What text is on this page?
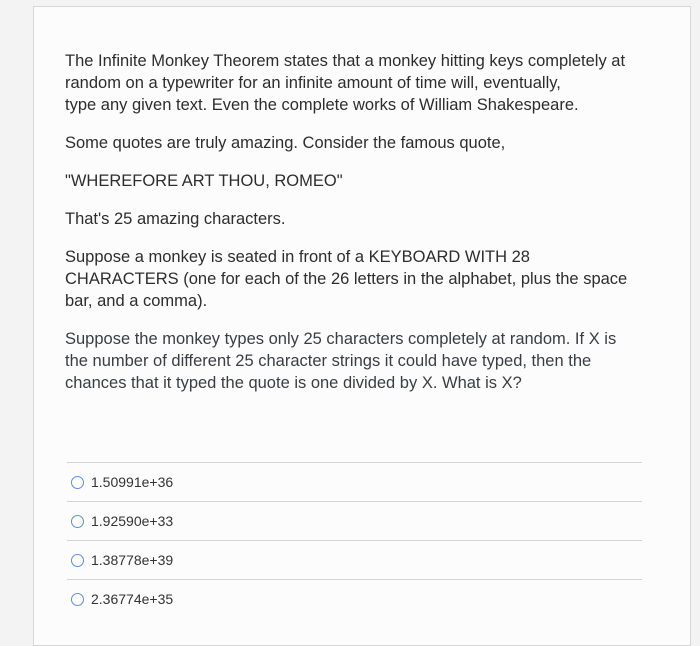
The Infinite Monkey Theorem states that a monkey hitting keys completely at
random on a typewriter for an infinite amount of time will, eventually,
type any given text. Even the complete works of William Shakespeare.

Some quotes are truly amazing. Consider the famous quote,

"WHEREFORE ART THOU, ROMEO"

That's 25 amazing characters.

Suppose a monkey is seated in front of a KEYBOARD WITH 28
CHARACTERS (one for each of the 26 letters in the alphabet, plus the space
bar, and a comma).

Suppose the monkey types only 25 characters completely at random. If X is
the number of different 25 character strings it could have typed, then the
chances that it typed the quote is one divided by X. What is X?

1.50991e+36
1.92590e+33
1.38778e+39
2.36774e+35
